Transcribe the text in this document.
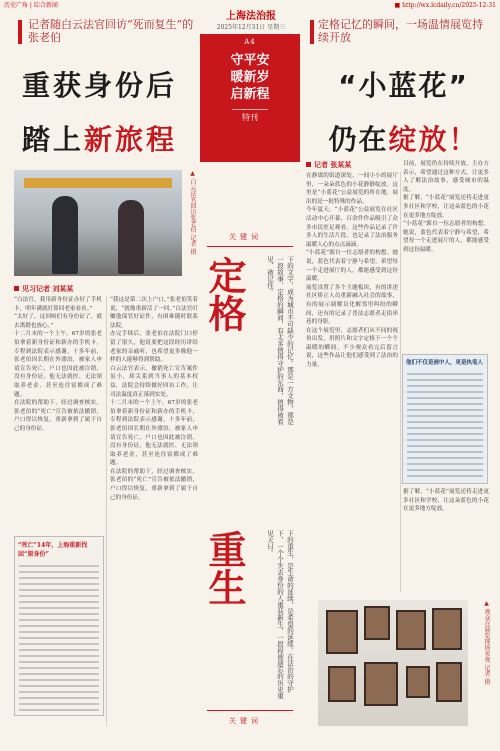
历史广角 | 综合新闻	■ http://wx.lcdaily.cn/2025-12-31
上海法治报
2025年12月31日 星期三
A4
守平安
暖新岁
启新程
特刊
记者随白云法官回访“死而复生”的张老伯
重获身份后
踏上新旅程
定格记忆的瞬间，一场温情展览持续开放
“小蓝花”
仍在绽放！
▲ 白云法官回访张老伯 记者 摄
见习记者 刘某某

“白法官，我用新身份证办好了手机卡，明年满就打算回老家看看。”

“太好了，这回咱们有身份证了，就去离婚也放心。”

十二月末的一个上午，67岁的张老伯拿着新身份证和新办的手机卡，专程到法院表示感谢。十多年前，张老伯因长期在外漂泊，被家人申请宣告死亡，户口也因此被注销。没有身份证，他无法就医、无法领取养老金，甚至连住宿都成了难题。

在法院的帮助下，经过调查核实，张老伯的“死亡”宣告被依法撤销，户口得以恢复，重新拿到了属于自己的身份证。

“我这是第二次上户口，”张老伯笑着说，“就像重新活了一回。”白法官叮嘱他保管好证件，有困难随时联系法院。

办完手续后，张老伯在法院门口停留了很久，他说要把这段经历讲给老家的亲戚听，也希望更多像他一样的人能够得到帮助。

白云法官表示，撤销死亡宣告案件虽小，却关系到当事人的基本权益，法院会持续做好回访工作，让司法温度真正落到实处。

十二月末的一个上午，67岁的张老伯拿着新身份证和新办的手机卡，专程到法院表示感谢。十多年前，张老伯因长期在外漂泊，被家人申请宣告死亡，户口也因此被注销。没有身份证，他无法就医、无法领取养老金，甚至连住宿都成了难题。

在法院的帮助下，经过调查核实，张老伯的“死亡”宣告被依法撤销，户口得以恢复，重新拿到了属于自己的身份证。

“死亡”14年，上海重新找回“原身份”
关键词
定格	下的文字，成为城市不可缺少的记忆。那是一方文物，那是一段故事，定格的瞬间，有太多值得守护的东西，值得被看见、被记住。
重生	下的重生，是生命的延续，是希望的延续。在法治的守护下，一个个失去身份的人重获新生，一段段被遗忘的历史重见天日。
关键词
记者 张某某

在静谧的街道深处，一间小小的展厅里，一朵朵蓝色的小花静静绽放。这里是“小蓝花”公益展览的所在地，展出的是一批特殊的作品。

今年夏天，“小蓝花”公益展览在社区活动中心开幕，百余件作品吸引了众多市民驻足观看。这些作品记录了许多人的生活片段，也记录了法治服务温暖人心的点点滴滴。

“小蓝花”源自一位志愿者的构想。她说，蓝色代表着宁静与希望，希望每一个走进展厅的人，都能感受到这份温暖。

展览设置了多个主题板块，有的讲述社区矫正人员重新融入社会的故事，有的展示调解员化解邻里纠纷的瞬间，还有的记录了普法志愿者走街串巷的身影。

在这个展览里，志愿者们从不同的视角出发，用照片和文字定格下一个个温暖的瞬间。不少观众看完后留言说，这些作品让他们感受到了法治的力量。

目前，展览仍在持续开放，主办方表示，希望通过这种方式，让更多人了解法治故事，感受城市的温度。

据了解，“小蓝花”展览还将走进更多社区和学校，让这朵蓝色的小花在更多地方绽放。

“小蓝花”源自一位志愿者的构想。她说，蓝色代表着宁静与希望，希望每一个走进展厅的人，都能感受到这份温暖。

他们不仅是画中人，更是执笔人

据了解，“小蓝花”展览还将走进更多社区和学校，让这朵蓝色的小花在更多地方绽放。

▲ 观众在展览现场参观 记者 摄
